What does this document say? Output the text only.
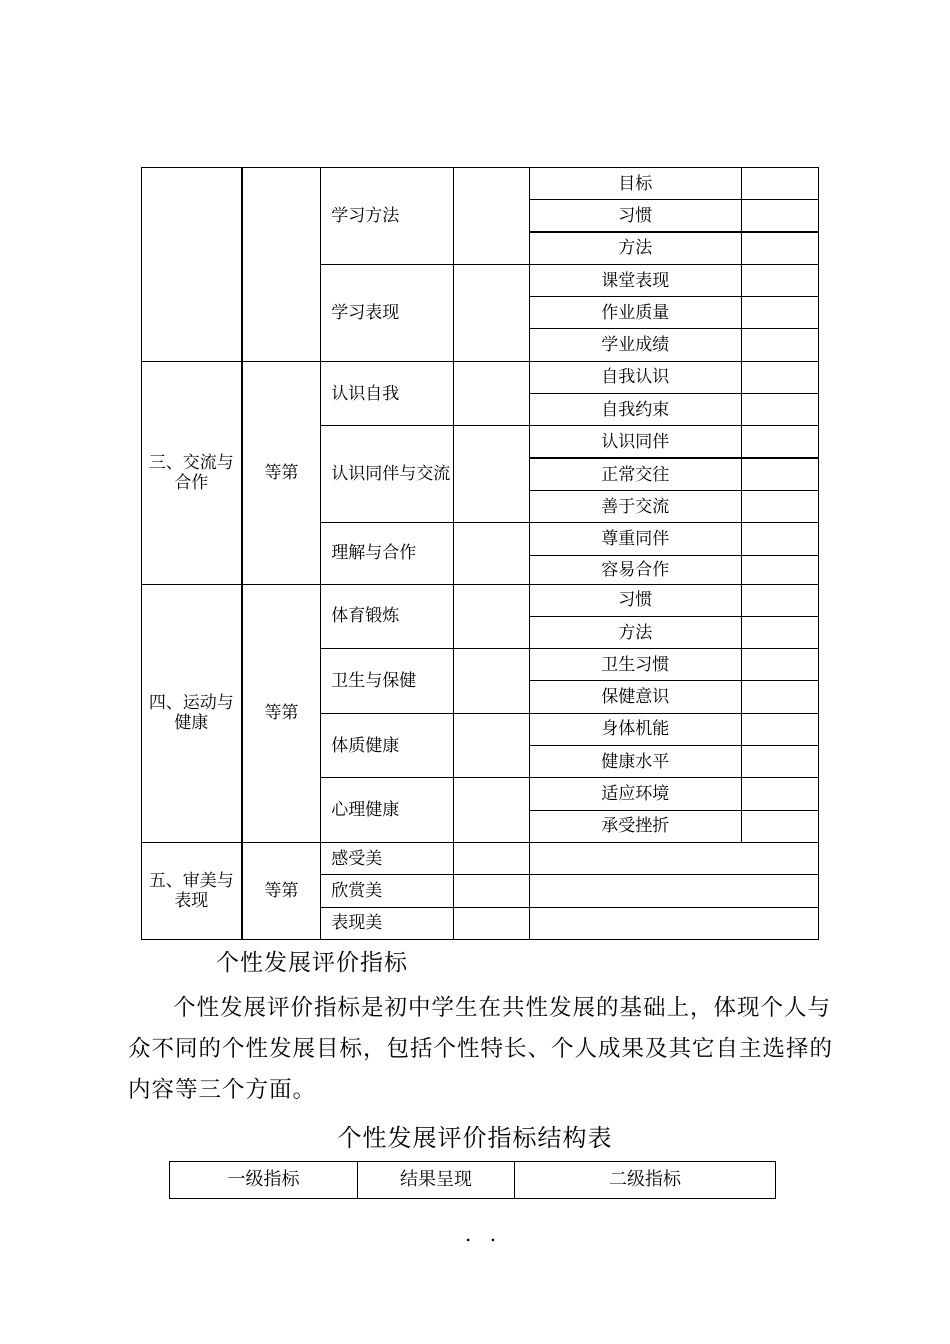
		学习方法		目标	
				习惯	
				方法	
		学习表现		课堂表现	
				作业质量	
				学业成绩	
三、交流与合作	等第	认识自我		自我认识	
				自我约束	
		认识同伴与交流		认识同伴	
				正常交往	
				善于交流	
		理解与合作		尊重同伴	
				容易合作	
四、运动与健康	等第	体育锻炼		习惯	
				方法	
		卫生与保健		卫生习惯	
				保健意识	
		体质健康		身体机能	
				健康水平	
		心理健康		适应环境	
				承受挫折	
五、审美与表现	等第	感受美			
		欣赏美			
		表现美			
个性发展评价指标
个性发展评价指标是初中学生在共性发展的基础上，体现个人与众不同的个性发展目标，包括个性特长、个人成果及其它自主选择的内容等三个方面。
个性发展评价指标结构表
一级指标	结果呈现	二级指标
. .
